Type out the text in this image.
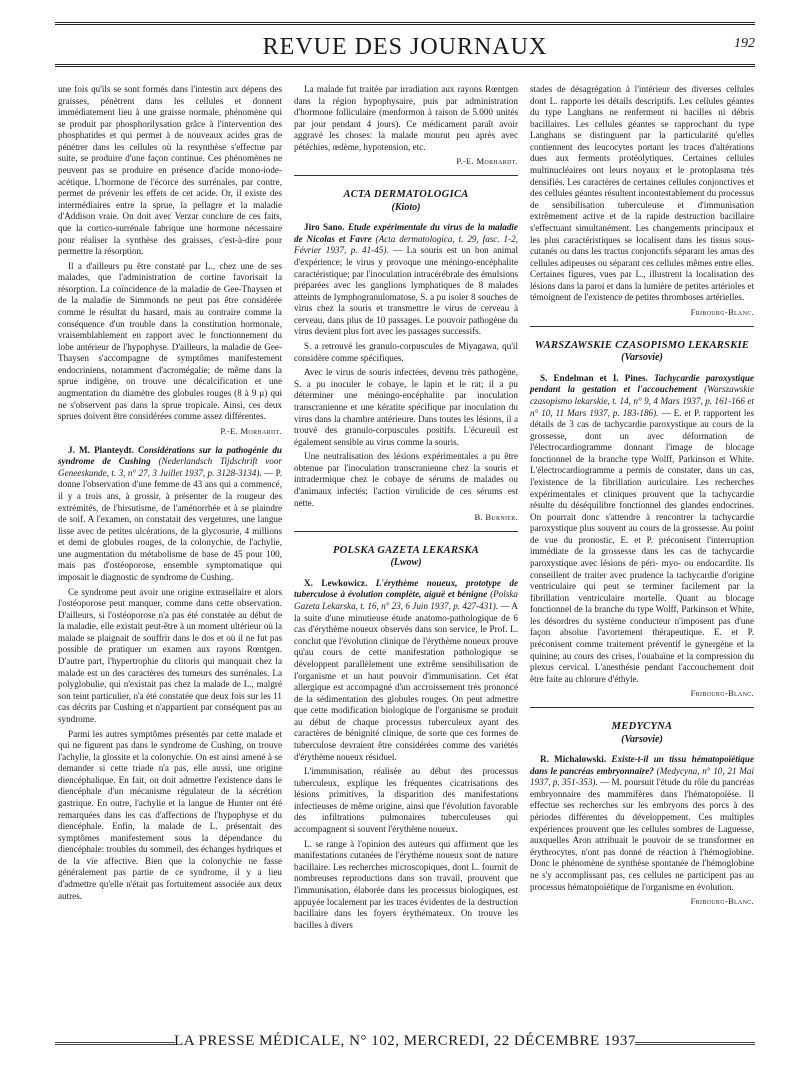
REVUE DES JOURNAUX	192

une fois qu'ils se sont formés dans l'intestin aux dépens des graisses, pénètrent dans les cellules et donnent immédiatement lieu à une graisse normale, phénomène qui se produit par phosphorilysation grâce à l'intervention des phosphatides et qui permet à de nouveaux acides gras de pénétrer dans les cellules où la resynthèse s'effectue par suite, se produire d'une façon continue. Ces phénomènes ne peuvent pas se produire en présence d'acide mono-iode-acétique. L'hormone de l'écorce des surrénales, par contre, permet de prévenir les effets de cet acide. Or, il existe des intermédiaires entre la sprue, la pellagre et la maladie d'Addison vraie. On doit avec Verzar conclure de ces faits, que la cortico-surrénale fabrique une hormone nécessaire pour réaliser la synthèse des graisses, c'est-à-dire pour permettre la résorption.

Il a d'ailleurs pu être constaté par L., chez une de ses malades, que l'administration de cortine favorisait la résorption. La coïncidence de la maladie de Gee-Thaysen et de la maladie de Simmonds ne peut pas être considérée comme le résultat du hasard, mais au contraire comme la conséquence d'un trouble dans la constitution hormonale, vraisemblablement en rapport avec le fonctionnement du lobe antérieur de l'hypophyse. D'ailleurs, la maladie de Gee-Thaysen s'accompagne de symptômes manifestement endocriniens, notamment d'acromégalie; de même dans la sprue indigène, on trouve une décalcification et une augmentation du diamètre des globules rouges (8 à 9 μ) qui ne s'observent pas dans la sprue tropicale. Ainsi, ces deux sprues doivent être considérées comme assez différentes.

P.-E. Morhardt.

J. M. Planteydt. Considérations sur la pathogénie du syndrome de Cushing (Nederlandsch Tijdschrift voor Geneeskunde, t. 3, n° 27, 3 Juillet 1937, p. 3128-3134). — P. donne l'observation d'une femme de 43 ans qui a commencé, il y a trois ans, à grossir, à présenter de la rougeur des extrémités, de l'hirsutisme, de l'aménorrhée et à se plaindre de soif. A l'examen, on constatait des vergetures, une langue lisse avec de petites ulcérations, de la glycosurie, 4 millions et demi de globules rouges, de la colonychie, de l'achylie, une augmentation du métabolisme de base de 45 pour 100, mais pas d'ostéoporose, ensemble symptomatique qui imposait le diagnostic de syndrome de Cushing.

Ce syndrome peut avoir une origine extrasellaire et alors l'ostéoporose peut manquer, comme dans cette observation. D'ailleurs, si l'ostéoporose n'a pas été constatée au début de la maladie, elle existait peut-être à un moment ultérieur où la malade se plaignait de souffrir dans le dos et où il ne fut pas possible de pratiquer un examen aux rayons Rœntgen. D'autre part, l'hypertrophie du clitoris qui manquait chez la malade est un des caractères des tumeurs des surrénales. La polyglobulie, qui n'existait pas chez la malade de L., malgré son teint particulier, n'a été constatée que deux fois sur les 11 cas décrits par Cushing et n'appartient par conséquent pas au syndrome.

Parmi les autres symptômes présentés par cette malade et qui ne figurent pas dans le syndrome de Cushing, on trouve l'achylie, la glossite et la colonychie. On est ainsi amené à se demander si cette triade n'a pas, elle aussi, une origine diencéphalique. En fait, on doit admettre l'existence dans le diencéphale d'un mécanisme régulateur de la sécrétion gastrique. En outre, l'achylie et la langue de Hunter ont été remarquées dans les cas d'affections de l'hypophyse et du diencéphale. Enfin, la malade de L. présentait des symptômes manifestement sous la dépendance du diencéphale: troubles du sommeil, des échanges hydriques et de la vie affective. Bien que la colonychie ne fasse généralement pas partie de ce syndrome, il y a lieu d'admettre qu'elle n'était pas fortuitement associée aux deux autres.

La malade fut traitée par irradiation aux rayons Rœntgen dans la région hypophysaire, puis par administration d'hormone folliculaire (menformon à raison de 5.000 unités par jour pendant 4 jours). Ce médicament paraît avoir aggravé les choses: la malade mourut peu après avec pétéchies, œdème, hypotension, etc.

P.-E. Morhardt.
ACTA DERMATOLOGICA
(Kioto)

Jiro Sano. Etude expérimentale du virus de la maladie de Nicolas et Favre (Acta dermatologica, t. 29, fasc. 1-2, Février 1937, p. 41-45). — La souris est un bon animal d'expérience; le virus y provoque une méningo-encéphalite caractéristique; par l'inoculation intracérébrale des émulsions préparées avec les ganglions lymphatiques de 8 malades atteints de lymphogranulomatose, S. a pu isoler 8 souches de virus chez la souris et transmettre le virus de cerveau à cerveau, dans plus de 10 passages. Le pouvoir pathogène du virus devient plus fort avec les passages successifs.

S. a retrouvé les granulo-corpuscules de Miyagawa, qu'il considère comme spécifiques.

Avec le virus de souris infectées, devenu très pathogène, S. a pu inoculer le cobaye, le lapin et le rat; il a pu déterminer une méningo-encéphalite par inoculation transcranienne et une kératite spécifique par inoculation du virus dans la chambre antérieure. Dans toutes les lésions, il a trouvé des granulo-corpuscules positifs. L'écureuil est également sensible au virus comme la souris.

Une neutralisation des lésions expérimentales a pu être obtenue par l'inoculation transcranienne chez la souris et intradermique chez le cobaye de sérums de malades ou d'animaux infectés; l'action virulicide de ces sérums est nette.

B. Burnier.
POLSKA GAZETA LEKARSKA
(Lwow)

X. Lewkowicz. L'érythème noueux, prototype de tuberculose à évolution complète, aiguë et bénigne (Polska Gazeta Lekarska, t. 16, n° 23, 6 Juin 1937, p. 427-431). — A la suite d'une minutieuse étude anatomo-pathologique de 6 cas d'érythème noueux observés dans son service, le Prof. L. conclut que l'évolution clinique de l'érythème noueux prouve qu'au cours de cette manifestation pathologique se développent parallèlement une extrême sensibilisation de l'organisme et un haut pouvoir d'immunisation. Cet état allergique est accompagné d'un accroissement très prononcé de la sédimentation des globules rouges. On peut admettre que cette modification biologique de l'organisme se produit au début de chaque processus tuberculeux ayant des caractères de bénignité clinique, de sorte que ces formes de tuberculose devraient être considérées comme des variétés d'érythème noueux résiduel.

L'immunisation, réalisée au début des processus tuberculeux, explique les fréquentes cicatrisations des lésions primitives, la disparition des manifestations infectieuses de même origine, ainsi que l'évolution favorable des infiltrations pulmonaires tuberculeuses qui accompagnent si souvent l'érythème noueux.

L. se range à l'opinion des auteurs qui affirment que les manifestations cutanées de l'érythème noueux sont de nature bacillaire. Les recherches microscopiques, dont L. fournit de nombreuses reproductions dans son travail, prouvent que l'immunisation, élaborée dans les processus biologiques, est appuyée localement par les traces évidentes de la destruction bacillaire dans les foyers érythémateux. On trouve les bacilles à divers

stades de désagrégation à l'intérieur des diverses cellules dont L. rapporte les détails descriptifs. Les cellules géantes du type Langhans ne renferment ni bacilles ni débris bacillaires. Les cellules géantes se rapprochant du type Langhans se distinguent par la particularité qu'elles contiennent des leucocytes portant les traces d'altérations dues aux ferments protéolytiques. Certaines cellules multinucléaires ont leurs noyaux et le protoplasma très densifiés. Les caractères de certaines cellules conjonctives et des cellules géantes résultent incontestablement du processus de sensibilisation tuberculeuse et d'immunisation extrêmement active et de la rapide destruction bacillaire s'effectuant simultanément. Les changements principaux et les plus caractéristiques se localisent dans les tissus sous-cutanés ou dans les tractus conjonctifs séparant les amas des cellules adipeuses ou séparant ces cellules mêmes entre elles. Certaines figures, vues par L., illustrent la localisation des lésions dans la paroi et dans la lumière de petites artérioles et témoignent de l'existence de petites thromboses artérielles.

Fribourg-Blanc.
WARSZAWSKIE CZASOPISMO LEKARSKIE
(Varsovie)

S. Endelman et I. Pines. Tachycardie paroxystique pendant la gestation et l'accouchement (Warszawskie czasopismo lekarskie, t. 14, n° 9, 4 Mars 1937, p. 161-166 et n° 10, 11 Mars 1937, p. 183-186). — E. et P. rapportent les détails de 3 cas de tachycardie paroxystique au cours de la grossesse, dont un avec déformation de l'électrocardiogramme donnant l'image de blocage fonctionnel de la branche type Wolff, Parkinson et White. L'électrocardiogramme a permis de constater, dans un cas, l'existence de la fibrillation auriculaire. Les recherches expérimentales et cliniques prouvent que la tachycardie résulte du déséquilibre fonctionnel des glandes endocrines. On pourrait donc s'attendre à rencontrer la tachycardie paroxystique plus souvent au cours de la grossesse. Au point de vue du pronostic, E. et P. préconisent l'interruption immédiate de la grossesse dans les cas de tachycardie paroxystique avec lésions de péri- myo- ou endocardite. Ils conseillent de traiter avec prudence la tachycardie d'origine ventriculaire qui peut se terminer facilement par la fibrillation ventriculaire mortelle. Quant au blocage fonctionnel de la branche du type Wolff, Parkinson et White, les désordres du système conducteur n'imposent pas d'une façon absolue l'avortement thérapeutique. E. et P. préconisent comme traitement préventif le gynergène et la quinine; au cours des crises, l'ouabaïne et la compression du plexus cervical. L'anesthésie pendant l'accouchement doit être faite au chlorure d'éthyle.

Fribourg-Blanc.
MEDYCYNA
(Varsovie)

R. Michalowski. Existe-t-il un tissu hématopoïétique dans le pancréas embryonnaire? (Medycyna, n° 10, 21 Mai 1937, p. 351-353). — M. poursuit l'étude du rôle du pancréas embryonnaire des mammifères dans l'hématopoïèse. Il effectue ses recherches sur les embryons des porcs à des périodes différentes du développement. Ces multiples expériences prouvent que les cellules sombres de Laguesse, auxquelles Aron attribuait le pouvoir de se transformer en érythrocytes, n'ont pas donné de réaction à l'hémoglobine. Donc le phénomène de synthèse spontanée de l'hémoglobine ne s'y accomplissant pas, ces cellules ne participent pas au processus hématopoïétique de l'organisme en évolution.

Fribourg-Blanc.
LA PRESSE MÉDICALE, N° 102, MERCREDI, 22 DÉCEMBRE 1937
